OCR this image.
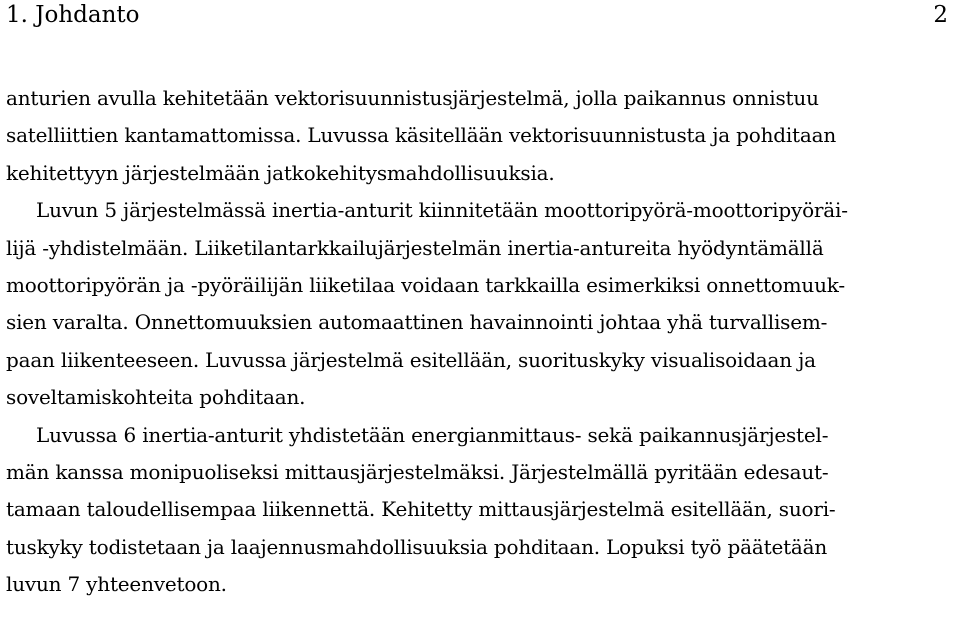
1. Johdanto	2
anturien avulla kehitetään vektorisuunnistusjärjestelmä, jolla paikannus onnistuu
satelliittien kantamattomissa. Luvussa käsitellään vektorisuunnistusta ja pohditaan
kehitettyyn järjestelmään jatkokehitysmahdollisuuksia.
Luvun 5 järjestelmässä inertia-anturit kiinnitetään moottoripyörä-moottoripyöräi-
lijä -yhdistelmään. Liiketilantarkkailujärjestelmän inertia-antureita hyödyntämällä
moottoripyörän ja -pyöräilijän liiketilaa voidaan tarkkailla esimerkiksi onnettomuuk-
sien varalta. Onnettomuuksien automaattinen havainnointi johtaa yhä turvallisem-
paan liikenteeseen. Luvussa järjestelmä esitellään, suorituskyky visualisoidaan ja
soveltamiskohteita pohditaan.
Luvussa 6 inertia-anturit yhdistetään energianmittaus- sekä paikannusjärjestel-
män kanssa monipuoliseksi mittausjärjestelmäksi. Järjestelmällä pyritään edesaut-
tamaan taloudellisempaa liikennettä. Kehitetty mittausjärjestelmä esitellään, suori-
tuskyky todistetaan ja laajennusmahdollisuuksia pohditaan. Lopuksi työ päätetään
luvun 7 yhteenvetoon.
